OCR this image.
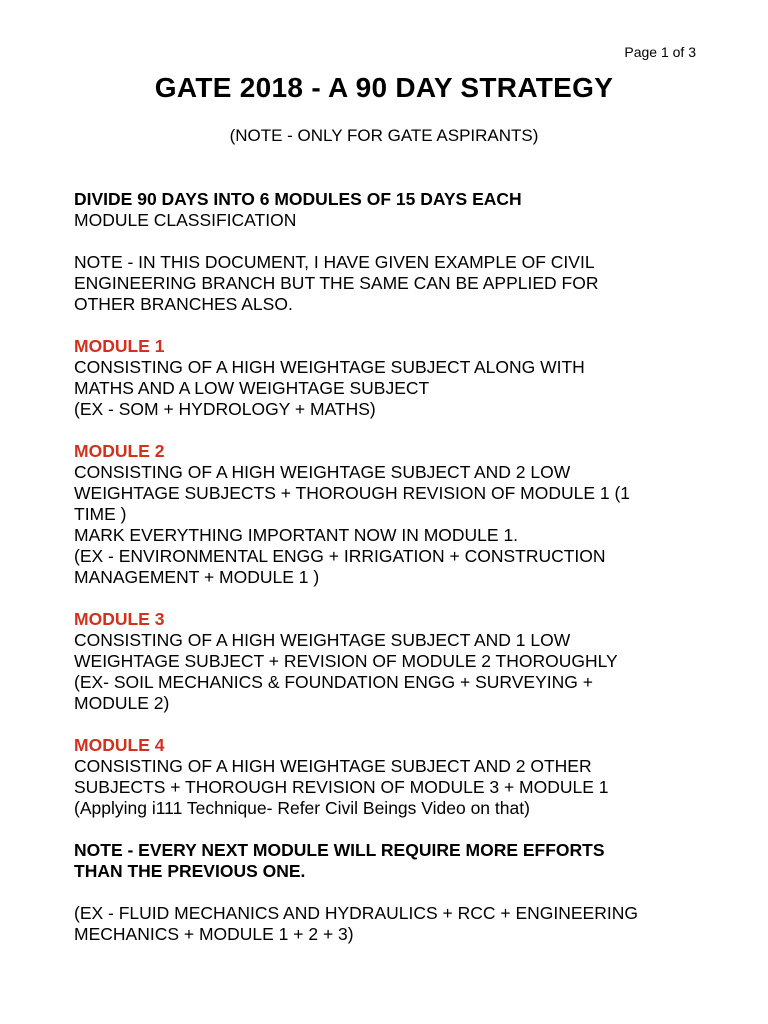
Page 1 of 3
GATE 2018 - A 90 DAY STRATEGY
(NOTE - ONLY FOR GATE ASPIRANTS)
DIVIDE 90 DAYS INTO 6 MODULES OF 15 DAYS EACH
MODULE CLASSIFICATION
NOTE - IN THIS DOCUMENT, I HAVE GIVEN EXAMPLE OF CIVIL
ENGINEERING BRANCH BUT THE SAME CAN BE APPLIED FOR
OTHER BRANCHES ALSO.
MODULE 1
CONSISTING OF A HIGH WEIGHTAGE SUBJECT ALONG WITH
MATHS AND A LOW WEIGHTAGE SUBJECT
(EX - SOM + HYDROLOGY + MATHS)
MODULE 2
CONSISTING OF A HIGH WEIGHTAGE SUBJECT AND 2 LOW
WEIGHTAGE SUBJECTS + THOROUGH REVISION OF MODULE 1 (1
TIME )
MARK EVERYTHING IMPORTANT NOW IN MODULE 1.
(EX - ENVIRONMENTAL ENGG + IRRIGATION + CONSTRUCTION
MANAGEMENT + MODULE 1 )
MODULE 3
CONSISTING OF A HIGH WEIGHTAGE SUBJECT AND 1 LOW
WEIGHTAGE SUBJECT + REVISION OF MODULE 2 THOROUGHLY
(EX- SOIL MECHANICS & FOUNDATION ENGG + SURVEYING +
MODULE 2)
MODULE 4
CONSISTING OF A HIGH WEIGHTAGE SUBJECT AND 2 OTHER
SUBJECTS + THOROUGH REVISION OF MODULE 3 + MODULE 1
(Applying i111 Technique- Refer Civil Beings Video on that)
NOTE - EVERY NEXT MODULE WILL REQUIRE MORE EFFORTS
THAN THE PREVIOUS ONE.
(EX - FLUID MECHANICS AND HYDRAULICS + RCC + ENGINEERING
MECHANICS + MODULE 1 + 2 + 3)
